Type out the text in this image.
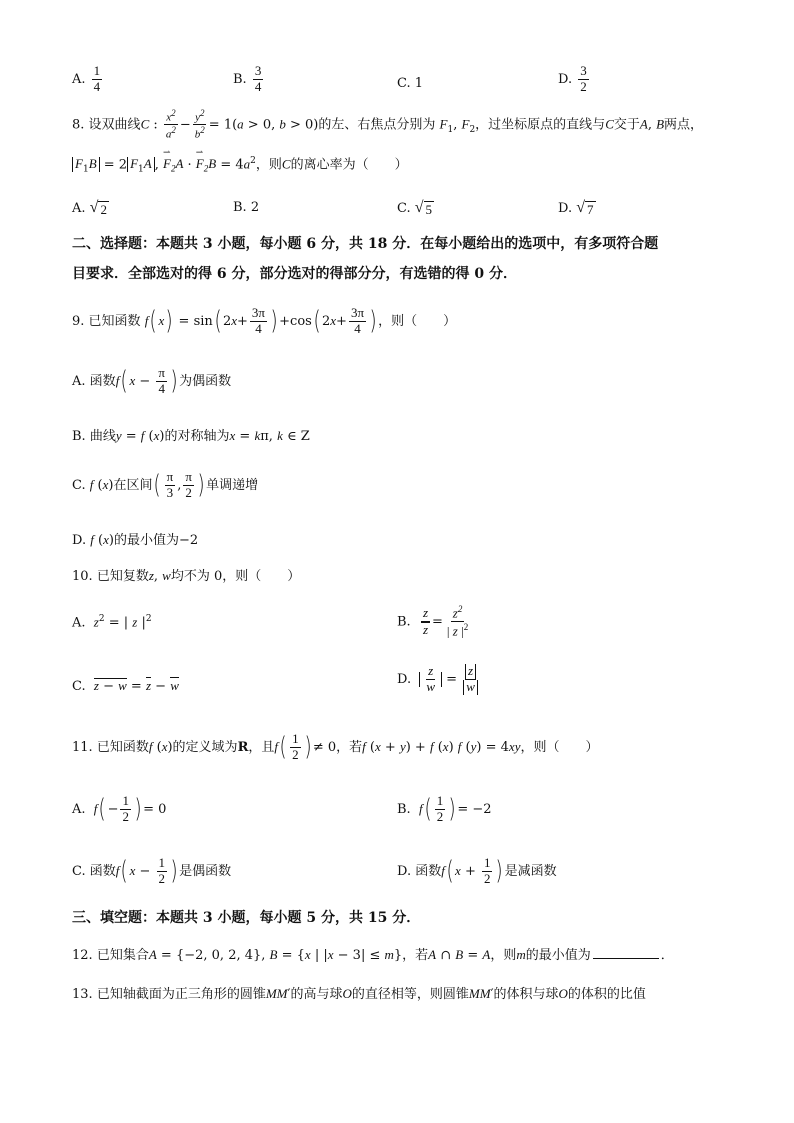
A. $\frac{1}{4}$	B. $\frac{3}{4}$	C. 1	D. $\frac{3}{2}$
8. 设双曲线C : $\frac{x^2}{a^2} - \frac{y^2}{b^2} = 1(a > 0$, b > 0)的左、右焦点分别为 $F_1$, $F_2$，过坐标原点的直线与C交于A, B两点，
$F_1B = 2$ $F_1A$ , ⇀ $F_2A$ · ⇀ $F_2B = 4a^2$，则C的离心率为（　　）
A. √ 2	B. 2	C. √ 5	D. √ 7
二、选择题：本题共 3 小题，每小题 6 分，共 18 分．在每小题给出的选项中，有多项符合题
目要求．全部选对的得 6 分，部分选对的得部分分，有选错的得 0 分．
9. 已知函数 f( x) = sin( $2x+ \frac{3\pi}{4}$ ) +cos( $2x+ \frac{3\pi}{4}$ ) ，则（　　）
A. 函数f( $x - \frac{\pi}{4}$ ) 为偶函数
B. 曲线y = f (x)的对称轴为x = kπ, k ∈ Z
C. f (x)在区间( $\frac{\pi}{3}$ , $\frac{\pi}{2}$ ) 单调递增
D. f (x)的最小值为−2
10. 已知复数z, w均不为 0，则（　　）
A. $z^2$ = | z $|^2$	B. $\frac{z}{z} = \frac{z^2}{| z |^2}$
C. z − w = z − w	D. $\frac{z}{w} = \frac{z}{w}$
11. 已知函数f (x)的定义域为R，且$f( \frac{1}{2}$ ) ≠ 0，若f (x + y) + f (x) f (y) = 4xy，则（　　）
A. $f( - \frac{1}{2}$ ) = 0	B. $f( \frac{1}{2}$ ) = −2
C. 函数f( $x - \frac{1}{2}$ ) 是偶函数	D. 函数f( $x + \frac{1}{2}$ ) 是减函数
三、填空题：本题共 3 小题，每小题 5 分，共 15 分．
12. 已知集合A = {−2, 0, 2, 4}, B = {x | |x − 3| ≤ m}，若A ∩ B = A，则m的最小值为	．
13. 已知轴截面为正三角形的圆锥MM′的高与球O的直径相等，则圆锥MM′的体积与球O的体积的比值
